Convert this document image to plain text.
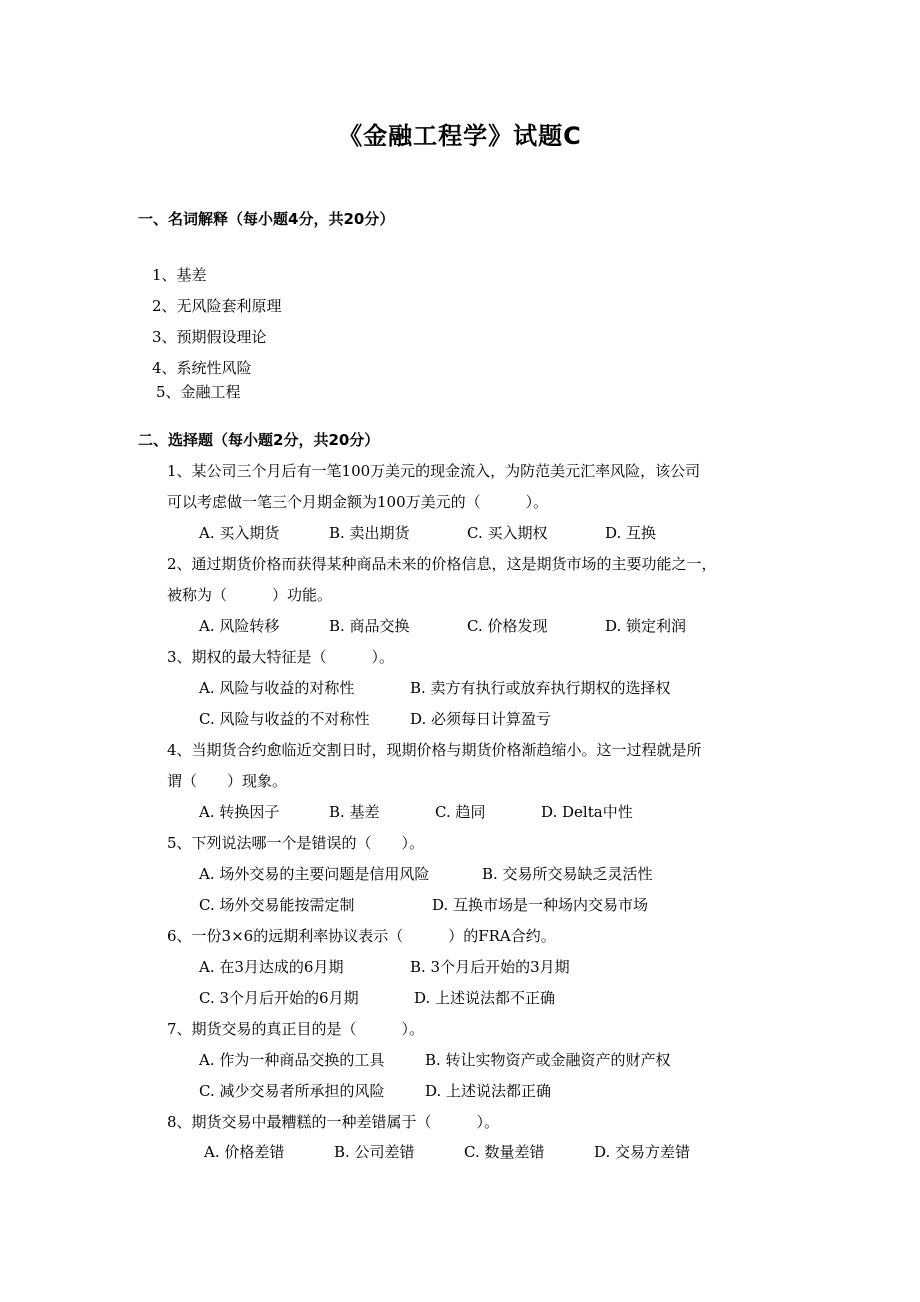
《金融工程学》试题C
一、名词解释（每小题4分，共20分）
1、基差
2、无风险套利原理
3、预期假设理论
4、系统性风险
5、金融工程
二、选择题（每小题2分，共20分）
1、某公司三个月后有一笔100万美元的现金流入，为防范美元汇率风险，该公司
可以考虑做一笔三个月期金额为100万美元的（　　　）。
A. 买入期货	B. 卖出期货	C. 买入期权	D. 互换
2、通过期货价格而获得某种商品未来的价格信息，这是期货市场的主要功能之一，
被称为（　　　）功能。
A. 风险转移	B. 商品交换	C. 价格发现	D. 锁定利润
3、期权的最大特征是（　　　）。
A. 风险与收益的对称性	B. 卖方有执行或放弃执行期权的选择权
C. 风险与收益的不对称性	D. 必须每日计算盈亏
4、当期货合约愈临近交割日时，现期价格与期货价格渐趋缩小。这一过程就是所
谓（　　）现象。
A. 转换因子	B. 基差	C. 趋同	D. Delta中性
5、下列说法哪一个是错误的（　　）。
A. 场外交易的主要问题是信用风险	B. 交易所交易缺乏灵活性
C. 场外交易能按需定制	D. 互换市场是一种场内交易市场
6、一份3×6的远期利率协议表示（　　　）的FRA合约。
A. 在3月达成的6月期	B. 3个月后开始的3月期
C. 3个月后开始的6月期	D. 上述说法都不正确
7、期货交易的真正目的是（　　　）。
A. 作为一种商品交换的工具	B. 转让实物资产或金融资产的财产权
C. 减少交易者所承担的风险	D. 上述说法都正确
8、期货交易中最糟糕的一种差错属于（　　　）。
A. 价格差错	B. 公司差错	C. 数量差错	D. 交易方差错
